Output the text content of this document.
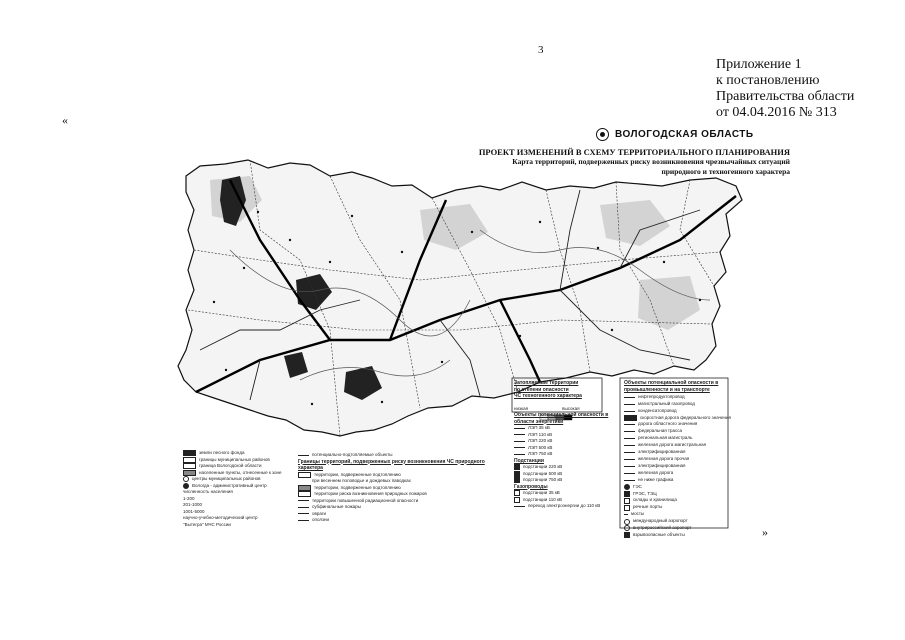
3
Приложение 1
к постановлению
Правительства области
от 04.04.2016 № 313
«
»
ВОЛОГОДСКАЯ ОБЛАСТЬ
ПРОЕКТ ИЗМЕНЕНИЙ В СХЕМУ ТЕРРИТОРИАЛЬНОГО ПЛАНИРОВАНИЯ
Карта территорий, подверженных риску возникновения чрезвычайных ситуаций
природного и техногенного характера
земли лесного фонда
границы муниципальных районов
граница Вологодской области
населенные пункты, отнесенные к зоне
центры муниципальных районов
Вологда - административный центр
численность населения
1-200
201-1000
1001-5000
научно-учебно-методический центр
"Вытегра" МЧС России
потенциально-подтопляемые объекты
Границы территорий, подверженных риску возникновения ЧС природного характера
территории, подверженные подтоплению
при весеннем половодье и дождевых паводках
территории, подверженные подтоплению
территории риска возникновения природных пожаров
территории повышенной радиационной опасности
субфинальные пожары
овраги
оползни
Затопляемые территории
по степени опасности
ЧС техногенного характера
низкая	высокая
Объекты потенциальной опасности в области энергетики
ЛЭП 35 кВ
ЛЭП 110 кВ
ЛЭП 220 кВ
ЛЭП 500 кВ
ЛЭП 750 кВ
Подстанции
подстанции 220 кВ
подстанции 500 кВ
подстанции 750 кВ
Газопроводы
подстанции 35 кВ
подстанции 110 кВ
переход электроэнергии до 110 кВ
Объекты потенциальной опасности в промышленности и на транспорте
нефтепродуктопровод
магистральный газопровод
конденсатопровод
скоростная дорога федерального значения
дорога областного значения
федеральная трасса
региональная магистраль
железная дорога магистральная
электрифицированная
железная дорога прочая
электрифицированная
железная дорога
не ниже графика
ГЭС
ГРЭС, ТЭЦ
склады и хранилища
речные порты
мосты
международный аэропорт
внутрироссийский аэропорт
взрывоопасные объекты
